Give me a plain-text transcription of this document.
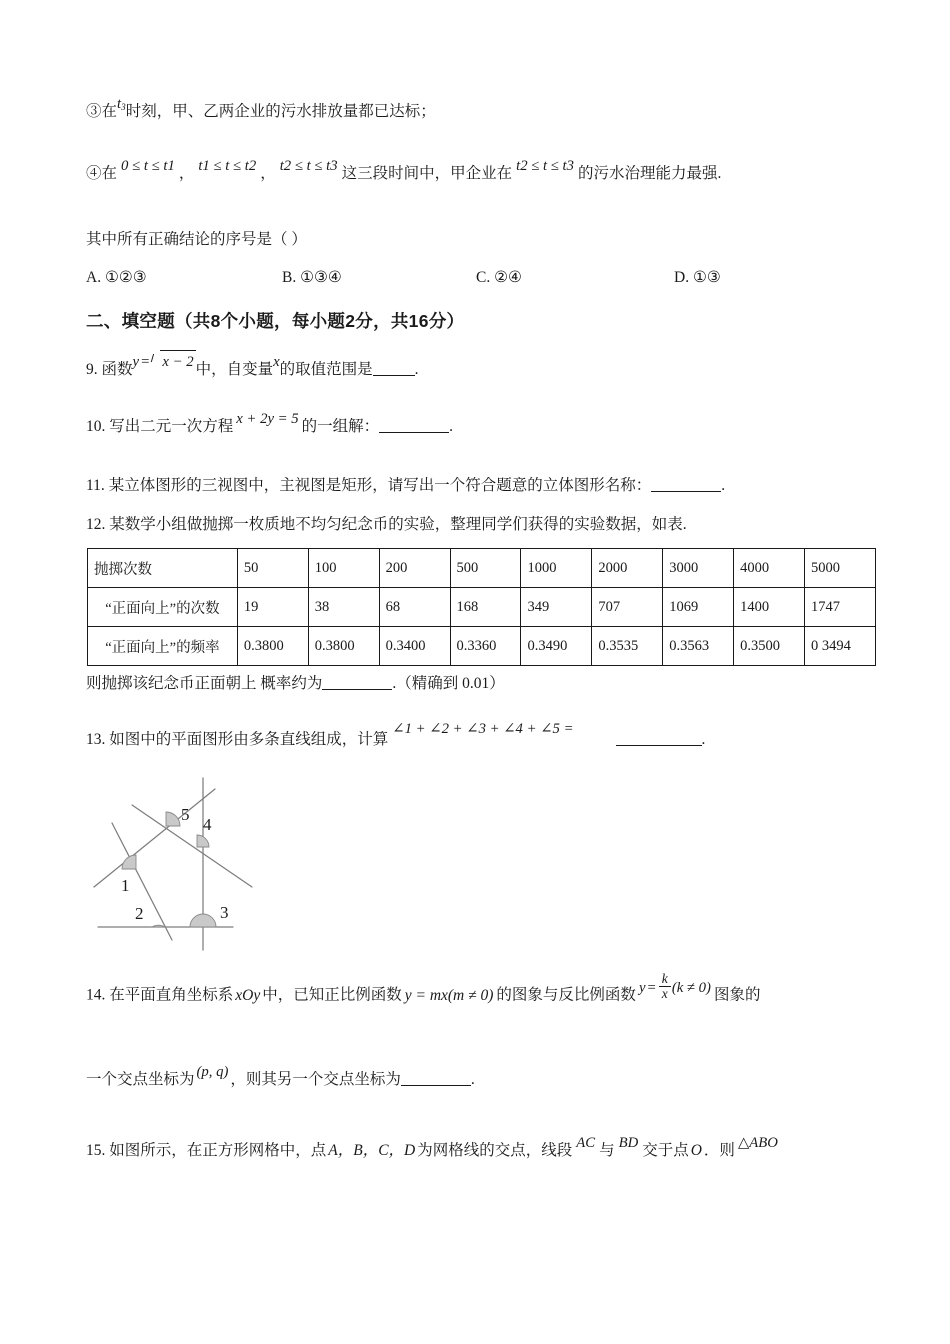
③在$t_3$时刻，甲、乙两企业的污水排放量都已达标；
④在 0 ≤ t ≤ t1 ， t1 ≤ t ≤ t2 ， t2 ≤ t ≤ t3 这三段时间中，甲企业在 t2 ≤ t ≤ t3 的污水治理能力最强.
其中所有正确结论的序号是（ ）
A. ①②③	B. ①③④	C. ②④	D. ①③
二、填空题（共8个小题，每小题2分，共16分）
9. 函数y = x − 2 中，自变量x的取值范围是	.
10. 写出二元一次方程 x + 2y = 5 的一组解：	.
11. 某立体图形的三视图中，主视图是矩形，请写出一个符合题意的立体图形名称：	.
12. 某数学小组做抛掷一枚质地不均匀纪念币的实验，整理同学们获得的实验数据，如表.
抛掷次数	50	100	200	500	1000	2000	3000	4000	5000
“正面向上”的次数	19	38	68	168	349	707	1069	1400	1747
“正面向上”的频率	0.3800	0.3800	0.3400	0.3360	0.3490	0.3535	0.3563	0.3500	0 3494
则抛掷该纪念币正面朝上 概率约为	.（精确到 0.01）
13. 如图中的平面图形由多条直线组成，计算∠1 + ∠2 + ∠3 + ∠4 + ∠5 =.
1
2	3
4
5
14. 在平面直角坐标系 xOy 中，已知正比例函数 y = mx(m ≠ 0) 的图象与反比例函数 $y = \frac{k}{x} (k \ne 0)$ 图象的
一个交点坐标为 (p, q) ，则其另一个交点坐标为	.
15. 如图所示，在正方形网格中，点 A，B，C，D 为网格线的交点，线段 AC 与 BD 交于点 O ．则 △ABO
